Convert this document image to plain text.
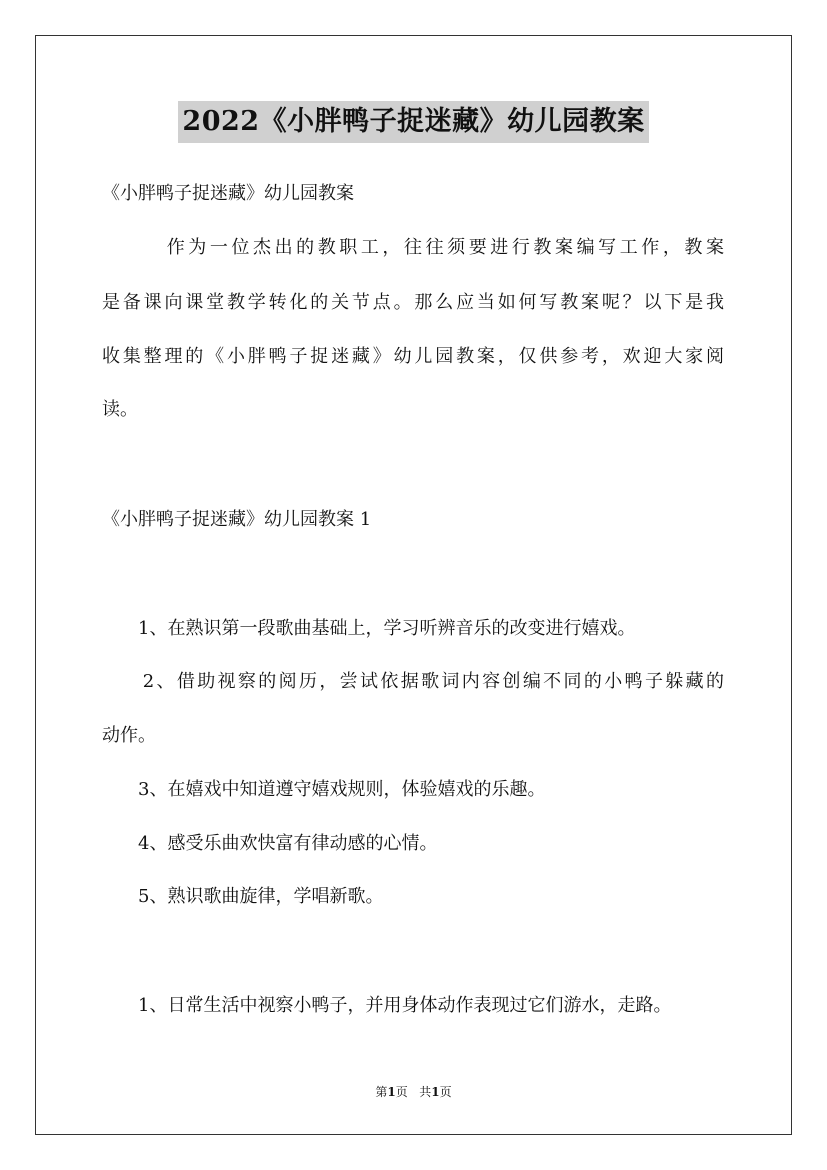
2022《小胖鸭子捉迷藏》幼儿园教案
《小胖鸭子捉迷藏》幼儿园教案
　　　作为一位杰出的教职工，往往须要进行教案编写工作，教案
是备课向课堂教学转化的关节点。那么应当如何写教案呢？以下是我
收集整理的《小胖鸭子捉迷藏》幼儿园教案，仅供参考，欢迎大家阅
读。
《小胖鸭子捉迷藏》幼儿园教案 1
　　1、在熟识第一段歌曲基础上，学习听辨音乐的改变进行嬉戏。
　　2、借助视察的阅历，尝试依据歌词内容创编不同的小鸭子躲藏的
动作。
　　3、在嬉戏中知道遵守嬉戏规则，体验嬉戏的乐趣。
　　4、感受乐曲欢快富有律动感的心情。
　　5、熟识歌曲旋律，学唱新歌。
　　1、日常生活中视察小鸭子，并用身体动作表现过它们游水，走路。
第1页 共1页
